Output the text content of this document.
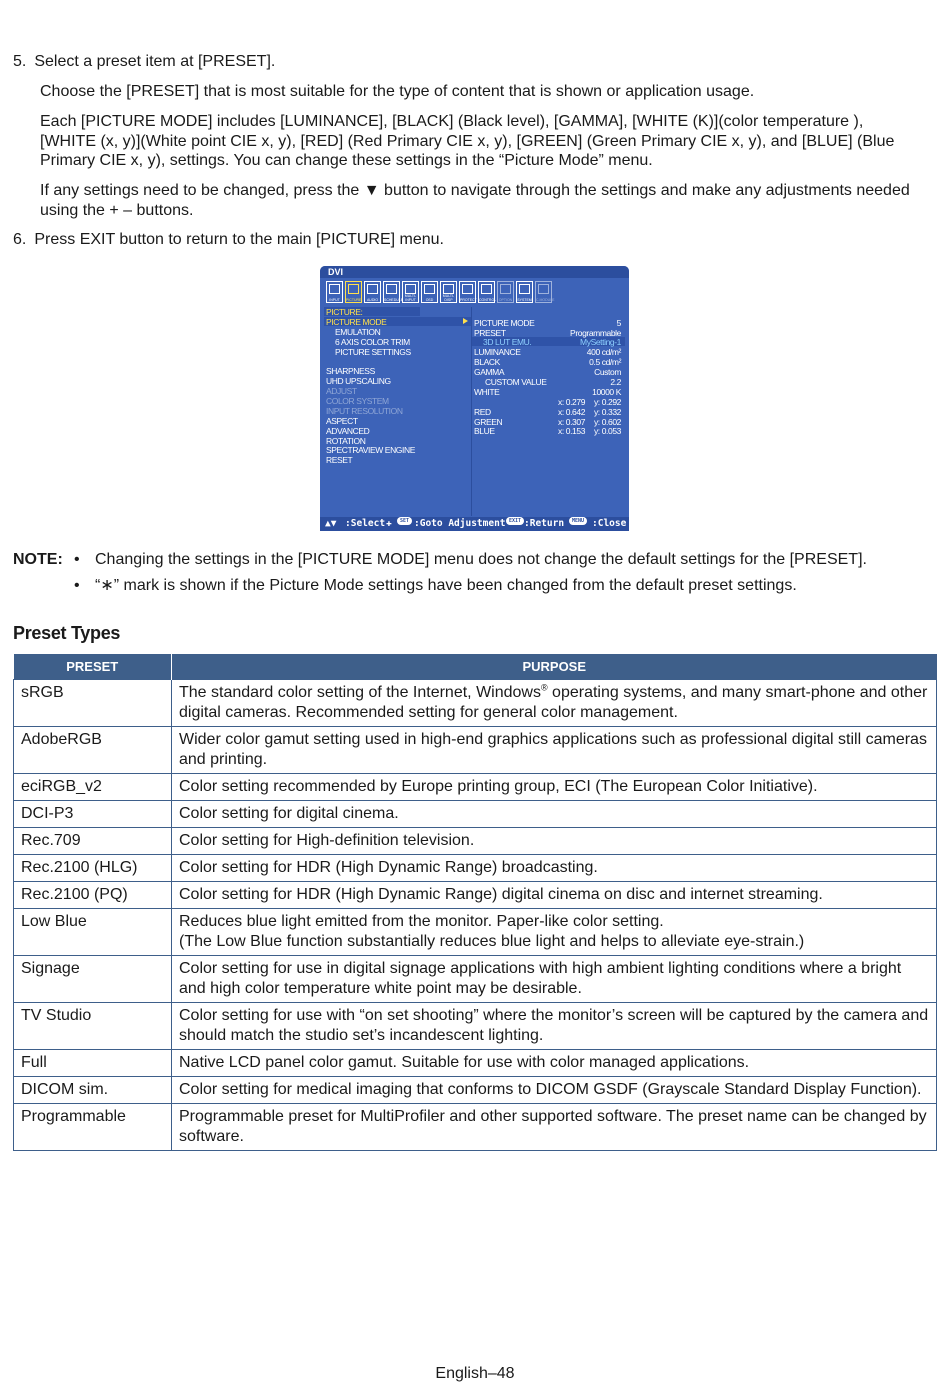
5. Select a preset item at [PRESET].
Choose the [PRESET] that is most suitable for the type of content that is shown or application usage.
Each [PICTURE MODE] includes [LUMINANCE], [BLACK] (Black level), [GAMMA], [WHITE (K)](color temperature ),
[WHITE (x, y)](White point CIE x, y), [RED] (Red Primary CIE x, y), [GREEN] (Green Primary CIE x, y), and [BLUE] (Blue
Primary CIE x, y), settings. You can change these settings in the “Picture Mode” menu.
If any settings need to be changed, press the ▼ button to navigate through the settings and make any adjustments needed
using the + – buttons.
6. Press EXIT button to return to the main [PICTURE] menu.
DVI
INPUT	PICTURE	AUDIO	SCHEDULE
MULTI-INPUT	OSD
MULTI-DISP	PROTECT CONTROL OPTION SYSTEM C.MODULE
PICTURE:
PICTURE MODE
EMULATION
6 AXIS COLOR TRIM
PICTURE SETTINGS
SHARPNESS
UHD UPSCALING
ADJUST
COLOR SYSTEM
INPUT RESOLUTION
ASPECT
ADVANCED
ROTATION
SPECTRAVIEW ENGINE
RESET
PICTURE MODE	5
PRESET	Programmable
3D LUT EMU.	MySetting-1
LUMINANCE	400 cd/m²
BLACK	0.5 cd/m²
GAMMA	Custom
CUSTOM VALUE	2.2
WHITE	10000 K
x: 0.279 y: 0.292
RED	x: 0.642 y: 0.332
GREEN	x: 0.307 y: 0.602
BLUE	x: 0.153 y: 0.053
▲▼ :Select ✚	SET :Goto Adjustment EXIT :Return	MENU :Close
NOTE: • Changing the settings in the [PICTURE MODE] menu does not change the default settings for the [PRESET].
• “∗” mark is shown if the Picture Mode settings have been changed from the default preset settings.
Preset Types
PRESET	PURPOSE
sRGB	The standard color setting of the Internet, Windows® operating systems, and many smart-phone and other digital cameras. Recommended setting for general color management.
AdobeRGB	Wider color gamut setting used in high-end graphics applications such as professional digital still cameras and printing.
eciRGB_v2	Color setting recommended by Europe printing group, ECI (The European Color Initiative).
DCI-P3	Color setting for digital cinema.
Rec.709	Color setting for High-definition television.
Rec.2100 (HLG)	Color setting for HDR (High Dynamic Range) broadcasting.
Rec.2100 (PQ)	Color setting for HDR (High Dynamic Range) digital cinema on disc and internet streaming.
Low Blue	Reduces blue light emitted from the monitor. Paper-like color setting.
(The Low Blue function substantially reduces blue light and helps to alleviate eye-strain.)

Signage	Color setting for use in digital signage applications with high ambient lighting conditions where a bright and high color temperature white point may be desirable.
TV Studio	Color setting for use with “on set shooting” where the monitor’s screen will be captured by the camera and should match the studio set’s incandescent lighting.
Full	Native LCD panel color gamut. Suitable for use with color managed applications.
DICOM sim.	Color setting for medical imaging that conforms to DICOM GSDF (Grayscale Standard Display Function).
Programmable	Programmable preset for MultiProfiler and other supported software. The preset name can be changed by software.
English–48
